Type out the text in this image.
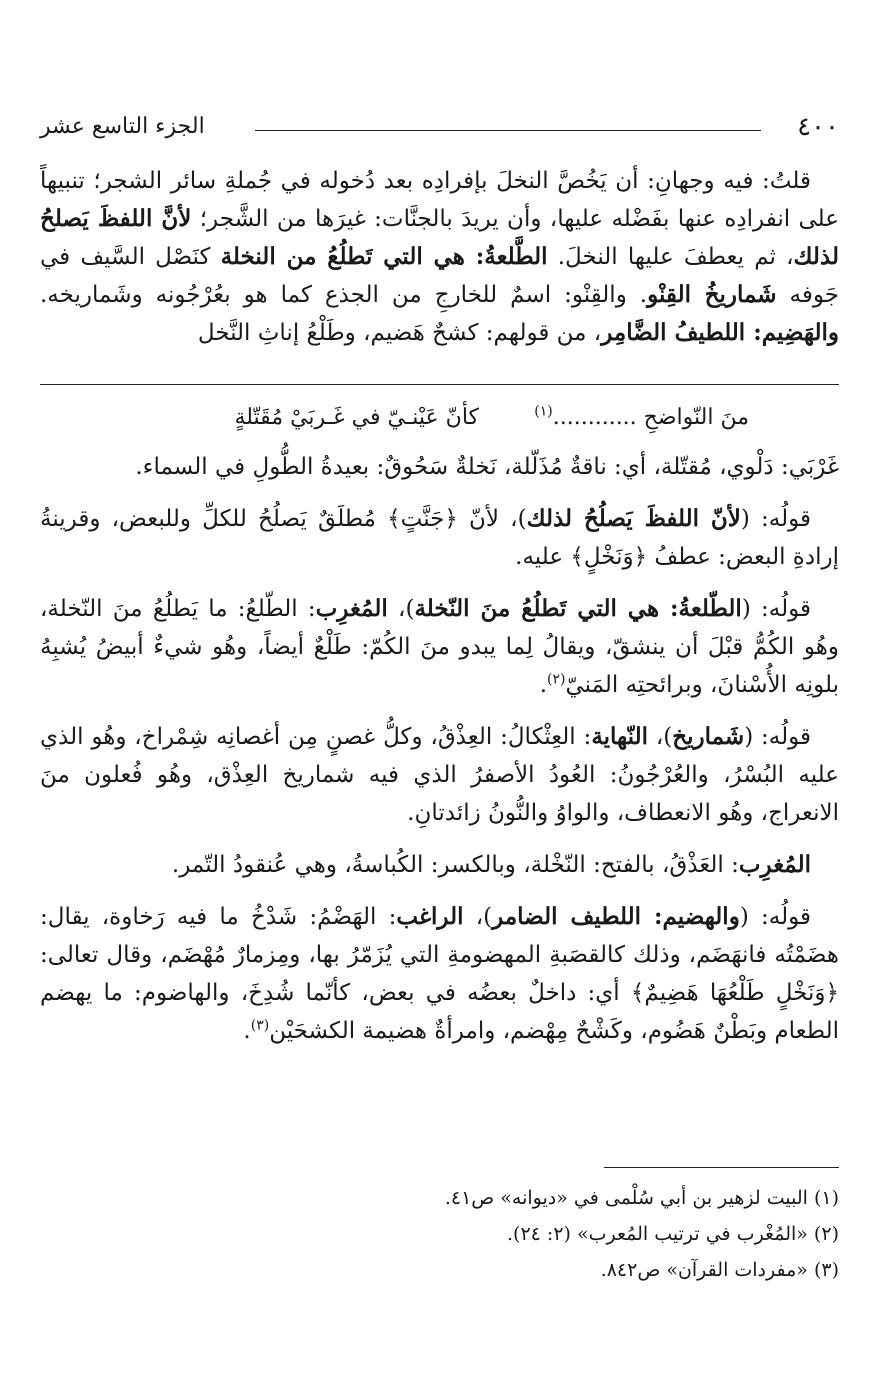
٤٠٠
الجزء التاسع عشر

قلتُ: فيه وجهانِ: أن يَخُصَّ النخلَ بإفرادِه بعد دُخوله في جُملةِ سائر الشجر؛ تنبيهاً على انفرادِه عنها بفَضْله عليها، وأن يريدَ بالجنَّات: غيرَها من الشَّجر؛ لأنَّ اللفظَ يَصلحُ لذلك، ثم يعطفَ عليها النخلَ. الطَّلعةُ: هي التي تَطلُعُ من النخلة كنَصْل السَّيف في جَوفه شَماريخُ القِنْو. والقِنْو: اسمٌ للخارجِ من الجذع كما هو بعُرْجُونه وشَماريخه. والهَضِيم: اللطيفُ الضَّامِر، من قولهم: كشحٌ هَضيم، وطَلْعُ إناثِ النَّخل

كأنّ عَيْنـيّ في غَـربَيْ مُقَتّلةٍ	منَ النّواضحِ ............$^{(١)}$

غَرْبَي: دَلْوي، مُقتّلة، أي: ناقةٌ مُذَلّلة، نَخلةٌ سَحُوقٌ: بعيدةُ الطُّولِ في السماء.

قولُه: (لأنّ اللفظَ يَصلُحُ لذلك)، لأنّ ﴿جَنَّتٍ﴾ مُطلَقٌ يَصلُحُ للكلِّ وللبعض، وقرينةُ إرادةِ البعض: عطفُ ﴿وَنَخْلٍ﴾ عليه.

قولُه: (الطّلعةُ: هي التي تَطلُعُ منَ النّخلة)، المُغرِب: الطّلعُ: ما يَطلُعُ منَ النّخلة، وهُو الكُمُّ قبْلَ أن ينشقّ، ويقالُ لِما يبدو منَ الكُمّ: طَلْعٌ أيضاً، وهُو شيءٌ أبيضُ يُشبِهُ بلونِه الأُسْنانَ، وبرائحتِه المَنيّ$^{(٢)}$.

قولُه: (شَماريخ)، النّهاية: العِثْكالُ: العِذْقُ، وكلُّ غصنٍ مِن أغصانِه شِمْراخ، وهُو الذي عليه البُسْرُ، والعُرْجُونُ: العُودُ الأصفرُ الذي فيه شماريخ العِذْق، وهُو فُعلون منَ الانعراج، وهُو الانعطاف، والواوُ والنُّونُ زائدتانِ.

المُغرِب: العَذْقُ، بالفتح: النّخْلة، وبالكسر: الكُباسةُ، وهي عُنقودُ التّمر.

قولُه: (والهضيم: اللطيف الضامر)، الراغب: الهَضْمُ: شَدْخُ ما فيه رَخاوة، يقال: هضَمْتُه فانهَضَم، وذلك كالقصَبةِ المهضومةِ التي يُزَمّرُ بها، ومِزمارٌ مُهْضَم، وقال تعالى: ﴿وَنَخْلٍ طَلْعُهَا هَضِيمٌ﴾ أي: داخلٌ بعضُه في بعض، كأنّما شُدِخَ، والهاضوم: ما يهضم الطعام وبَطْنٌ هَضُوم، وكَشْحٌ مِهْضم، وامرأةٌ هضيمة الكشحَيْن$^{(٣)}$.

(١) البيت لزهير بن أبي سُلْمى في «ديوانه» ص٤١.
(٢) «المُغْرب في ترتيب المُعرب» (٢: ٢٤).
(٣) «مفردات القرآن» ص٨٤٢.
